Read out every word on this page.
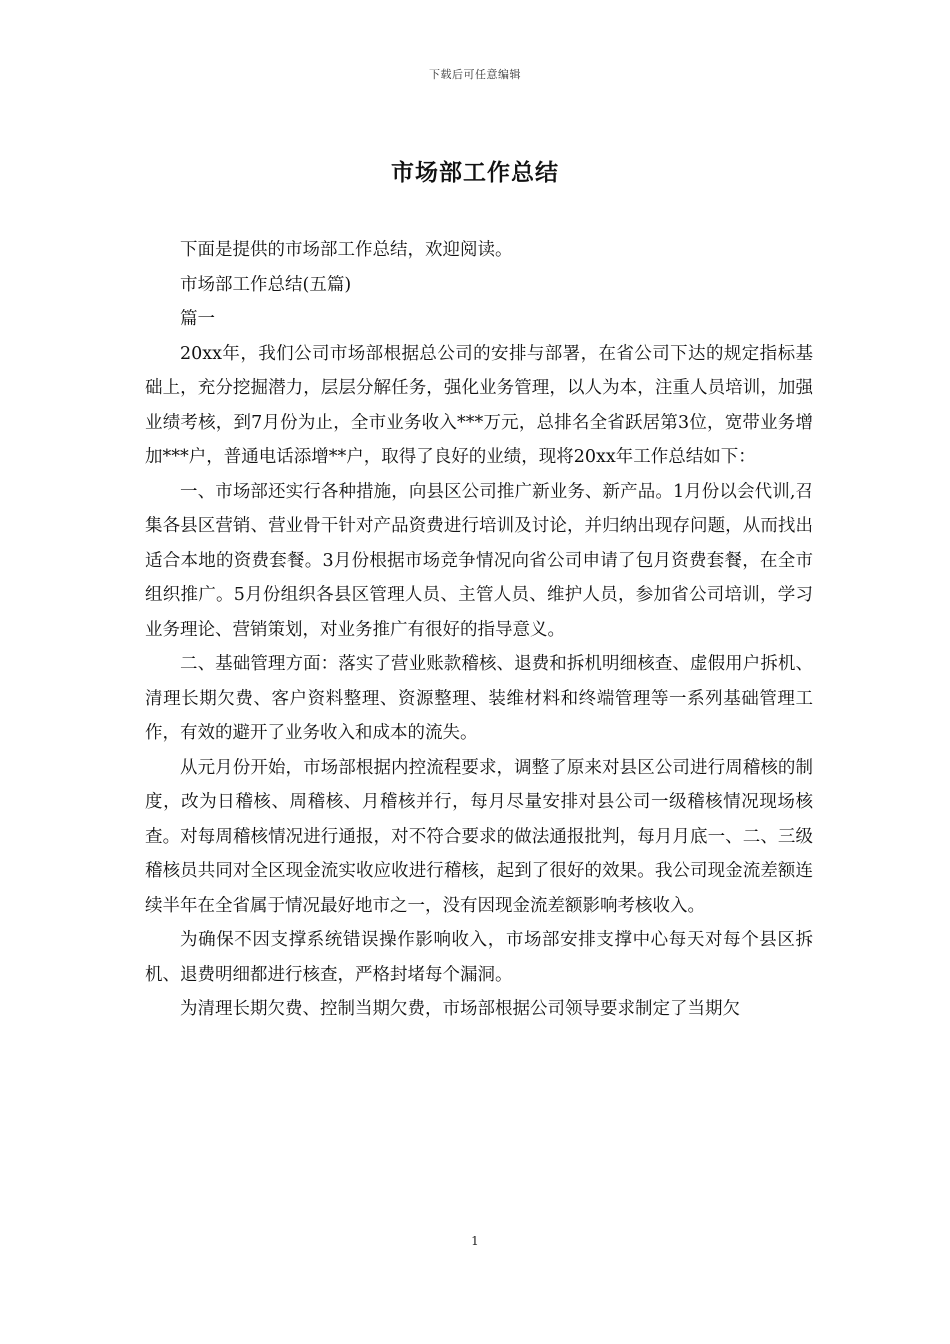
下载后可任意编辑
市场部工作总结

下面是提供的市场部工作总结，欢迎阅读。

市场部工作总结(五篇)

篇一

20xx年，我们公司市场部根据总公司的安排与部署，在省公司下达的规定指标基础上，充分挖掘潜力，层层分解任务，强化业务管理，以人为本，注重人员培训，加强业绩考核，到7月份为止，全市业务收入***万元，总排名全省跃居第3位，宽带业务增加***户，普通电话添增**户，取得了良好的业绩，现将20xx年工作总结如下：

一、市场部还实行各种措施，向县区公司推广新业务、新产品。1月份以会代训,召集各县区营销、营业骨干针对产品资费进行培训及讨论，并归纳出现存问题，从而找出适合本地的资费套餐。3月份根据市场竞争情况向省公司申请了包月资费套餐，在全市组织推广。5月份组织各县区管理人员、主管人员、维护人员，参加省公司培训，学习业务理论、营销策划，对业务推广有很好的指导意义。

二、基础管理方面：落实了营业账款稽核、退费和拆机明细核查、虚假用户拆机、清理长期欠费、客户资料整理、资源整理、装维材料和终端管理等一系列基础管理工作，有效的避开了业务收入和成本的流失。

从元月份开始，市场部根据内控流程要求，调整了原来对县区公司进行周稽核的制度，改为日稽核、周稽核、月稽核并行，每月尽量安排对县公司一级稽核情况现场核查。对每周稽核情况进行通报，对不符合要求的做法通报批判，每月月底一、二、三级稽核员共同对全区现金流实收应收进行稽核，起到了很好的效果。我公司现金流差额连续半年在全省属于情况最好地市之一，没有因现金流差额影响考核收入。

为确保不因支撑系统错误操作影响收入，市场部安排支撑中心每天对每个县区拆机、退费明细都进行核查，严格封堵每个漏洞。

为清理长期欠费、控制当期欠费，市场部根据公司领导要求制定了当期欠

1
